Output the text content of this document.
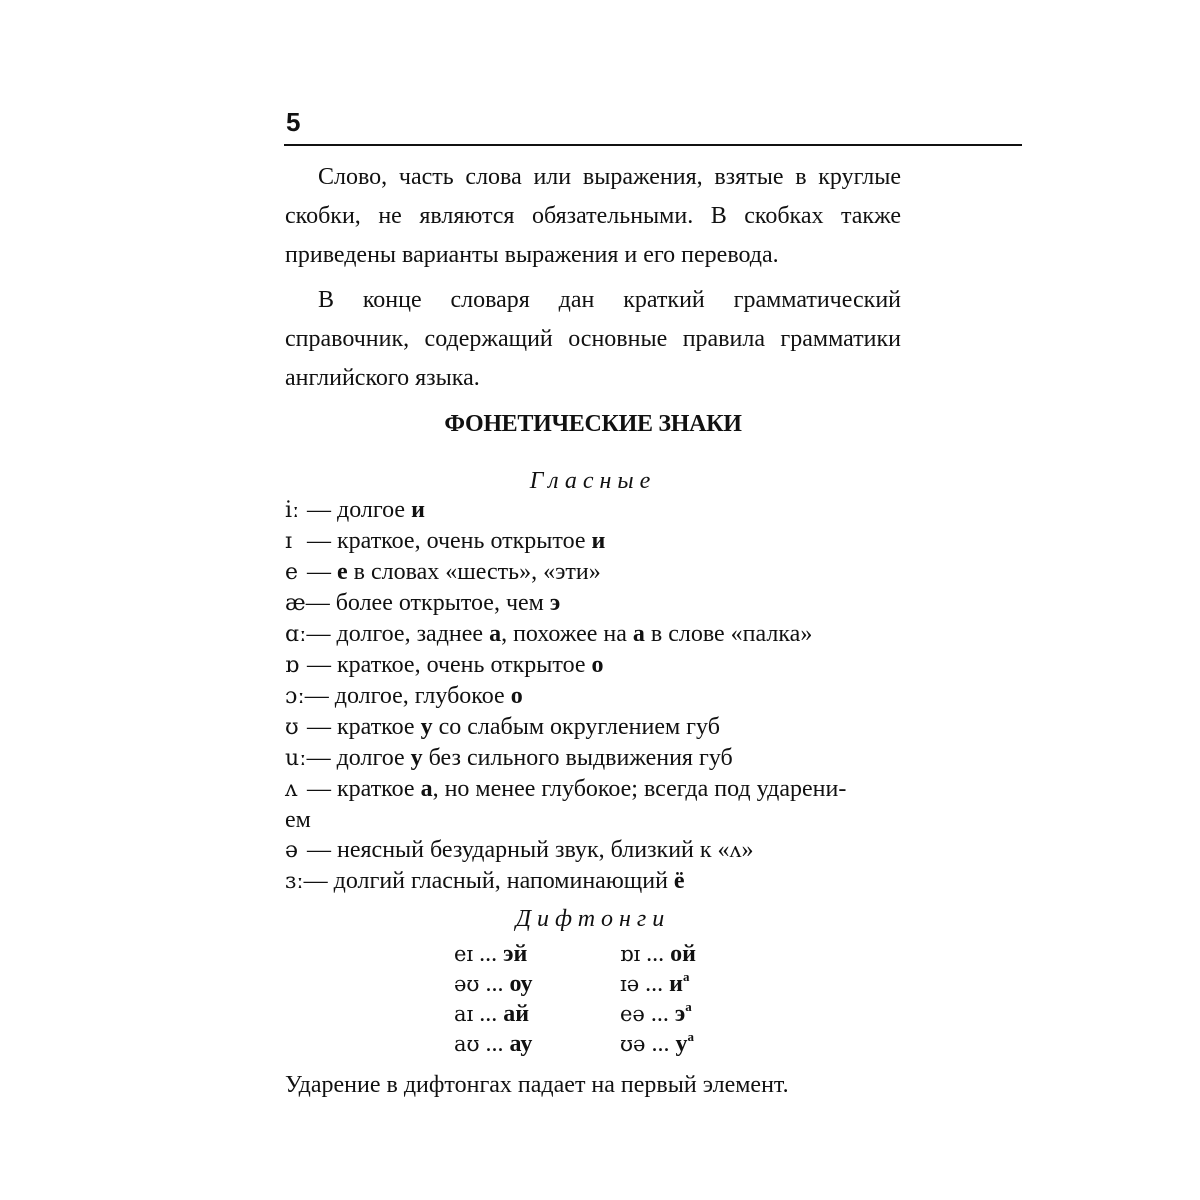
5

Слово, часть слова или выражения, взятые в круглые скобки, не являются обязательными. В скобках также приведены варианты выражения и его перевода.

В конце словаря дан краткий грамматический справочник, содержащий основные правила грамматики английского языка.

ФОНЕТИЧЕСКИЕ ЗНАКИ
Гласные
iː — долгое и
ɪ — краткое, очень открытое и
e — е в словах «шесть», «эти»
æ— более открытое, чем э
ɑː— долгое, заднее а, похожее на а в слове «палка»
ɒ — краткое, очень открытое о
ɔː— долгое, глубокое о
ʊ — краткое у со слабым округлением губ
uː— долгое у без сильного выдвижения губ
ʌ — краткое а, но менее глубокое; всегда под ударени-
ем
ə — неясный безударный звук, близкий к «ʌ»
ɜː— долгий гласный, напоминающий ё
Дифтонги
eɪ ... эй	ɒɪ ... ой
əʊ ... оу	ɪə ... $и^а$
aɪ ... ай	eə ... $э^а$
aʊ ... ау	ʊə ... $у^а$
Ударение в дифтонгах падает на первый элемент.
